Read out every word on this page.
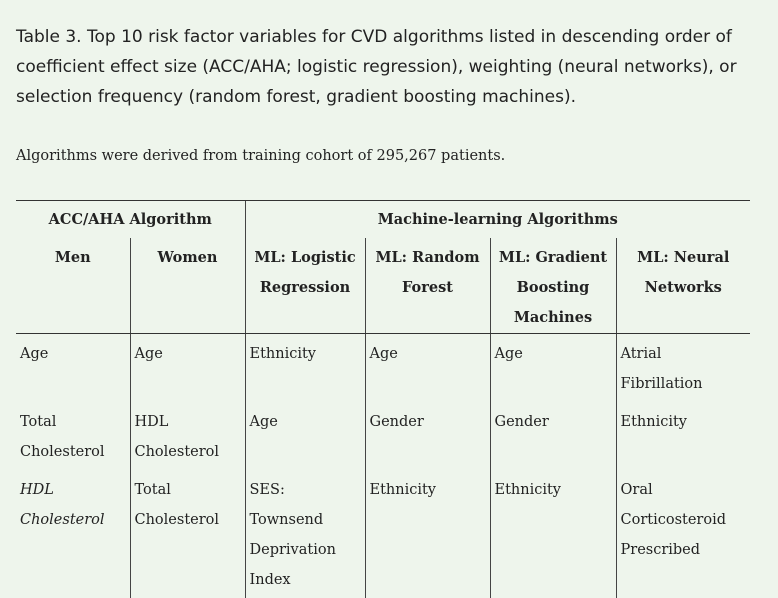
Table 3. Top 10 risk factor variables for CVD algorithms listed in descending order of coefficient effect size (ACC/AHA; logistic regression), weighting (neural networks), or selection frequency (random forest, gradient boosting machines).

Algorithms were derived from training cohort of 295,267 patients.

ACC/AHA Algorithm		Machine-learning Algorithms			
Men	Women	ML: Logistic Regression	ML: Random Forest	ML: Gradient Boosting Machines	ML: Neural Networks
Age	Age	Ethnicity	Age	Age	Atrial Fibrillation
Total Cholesterol	HDL Cholesterol	Age	Gender	Gender	Ethnicity
HDL Cholesterol	Total Cholesterol	SES: Townsend Deprivation Index	Ethnicity	Ethnicity	Oral Corticosteroid Prescribed
